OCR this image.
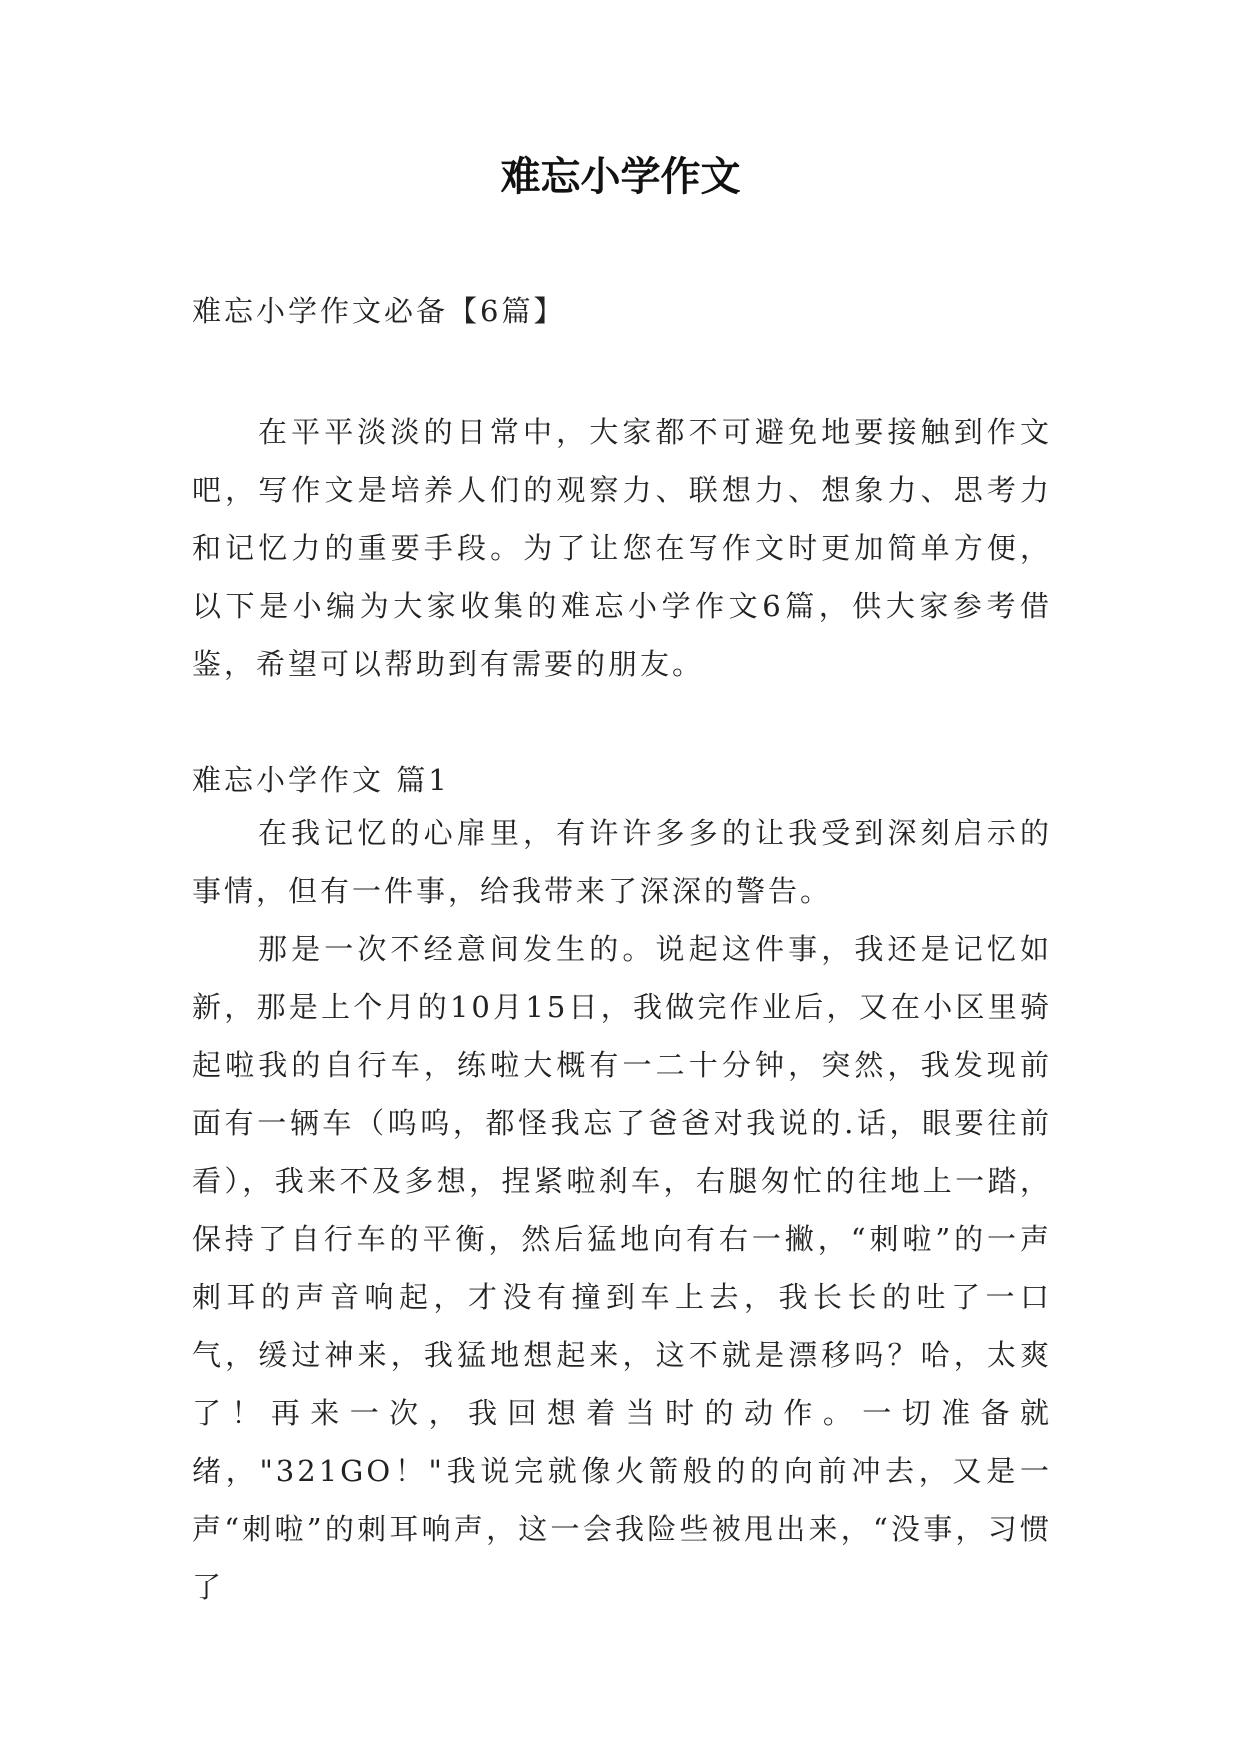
难忘小学作文

难忘小学作文必备【6篇】

在平平淡淡的日常中，大家都不可避免地要接触到作文吧，写作文是培养人们的观察力、联想力、想象力、思考力和记忆力的重要手段。为了让您在写作文时更加简单方便，以下是小编为大家收集的难忘小学作文6篇，供大家参考借鉴，希望可以帮助到有需要的朋友。

难忘小学作文 篇1

在我记忆的心扉里，有许许多多的让我受到深刻启示的事情，但有一件事，给我带来了深深的警告。

那是一次不经意间发生的。说起这件事，我还是记忆如新，那是上个月的10月15日，我做完作业后，又在小区里骑起啦我的自行车，练啦大概有一二十分钟，突然，我发现前面有一辆车（呜呜，都怪我忘了爸爸对我说的.话，眼要往前看），我来不及多想，捏紧啦刹车，右腿匆忙的往地上一踏，保持了自行车的平衡，然后猛地向有右一撇，“刺啦”的一声刺耳的声音响起，才没有撞到车上去，我长长的吐了一口气，缓过神来，我猛地想起来，这不就是漂移吗？哈，太爽了！再来一次，我回想着当时的动作。一切准备就绪，"321GO！"我说完就像火箭般的的向前冲去，又是一声“刺啦”的刺耳响声，这一会我险些被甩出来，“没事，习惯了
